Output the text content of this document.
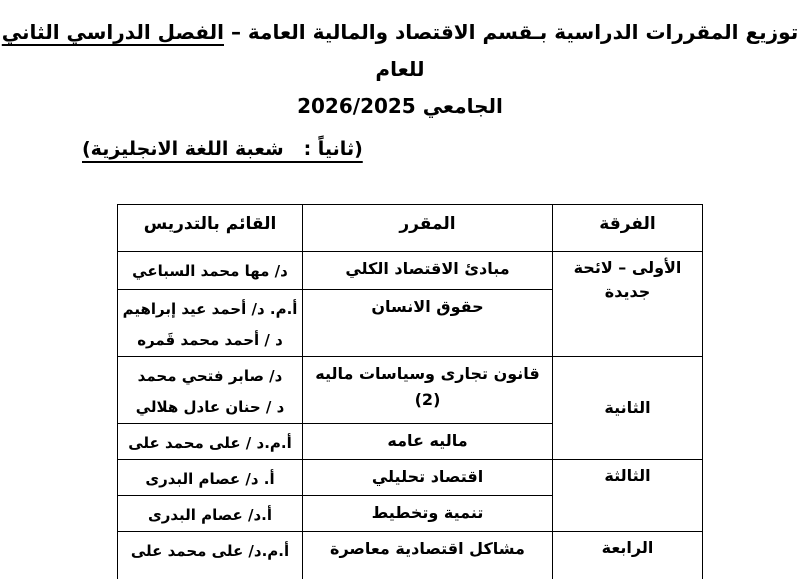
توزيع المقررات الدراسية بـقسم الاقتصاد والمالية العامة – الفصل الدراسي الثاني للعام
الجامعي 2026/2025
(ثانياً :   شعبة اللغة الانجليزية)
الفرقة	المقرر	القائم بالتدريس
الأولى – لائحة جديدة	مبادئ الاقتصاد الكلي	د/ مها محمد السباعي

	حقوق الانسان	أ.م. د/ أحمد عيد إبراهيم
د / أحمد محمد قَمره

الثانية	قانون تجارى وسياسات ماليه (2)	د/ صابر فتحي محمد
د / حنان عادل هلالي

	ماليه عامه	أ.م.د / على محمد على

الثالثة	اقتصاد تحليلي	أ. د/ عصام البدرى

	تنمية وتخطيط	أ.د/ عصام البدرى

الرابعة	مشاكل اقتصادية معاصرة	أ.م.د/ على محمد على
